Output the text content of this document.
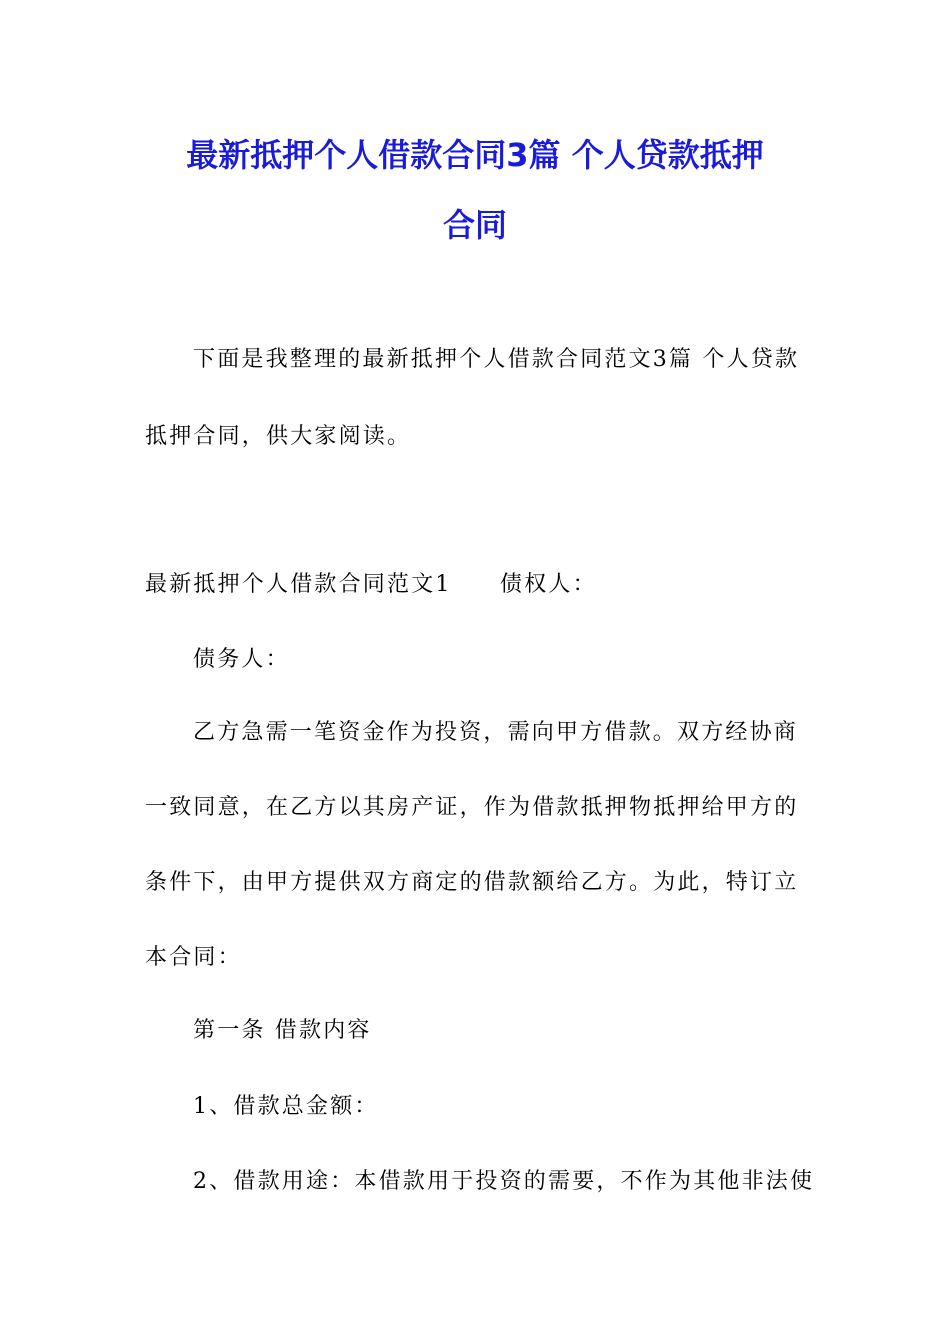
最新抵押个人借款合同3篇 个人贷款抵押
合同

下面是我整理的最新抵押个人借款合同范文3篇 个人贷款

抵押合同，供大家阅读。

最新抵押个人借款合同范文1　　债权人：

债务人：

乙方急需一笔资金作为投资，需向甲方借款。双方经协商

一致同意，在乙方以其房产证，作为借款抵押物抵押给甲方的

条件下，由甲方提供双方商定的借款额给乙方。为此，特订立

本合同：

第一条 借款内容

1、借款总金额：

2、借款用途：本借款用于投资的需要，不作为其他非法使
